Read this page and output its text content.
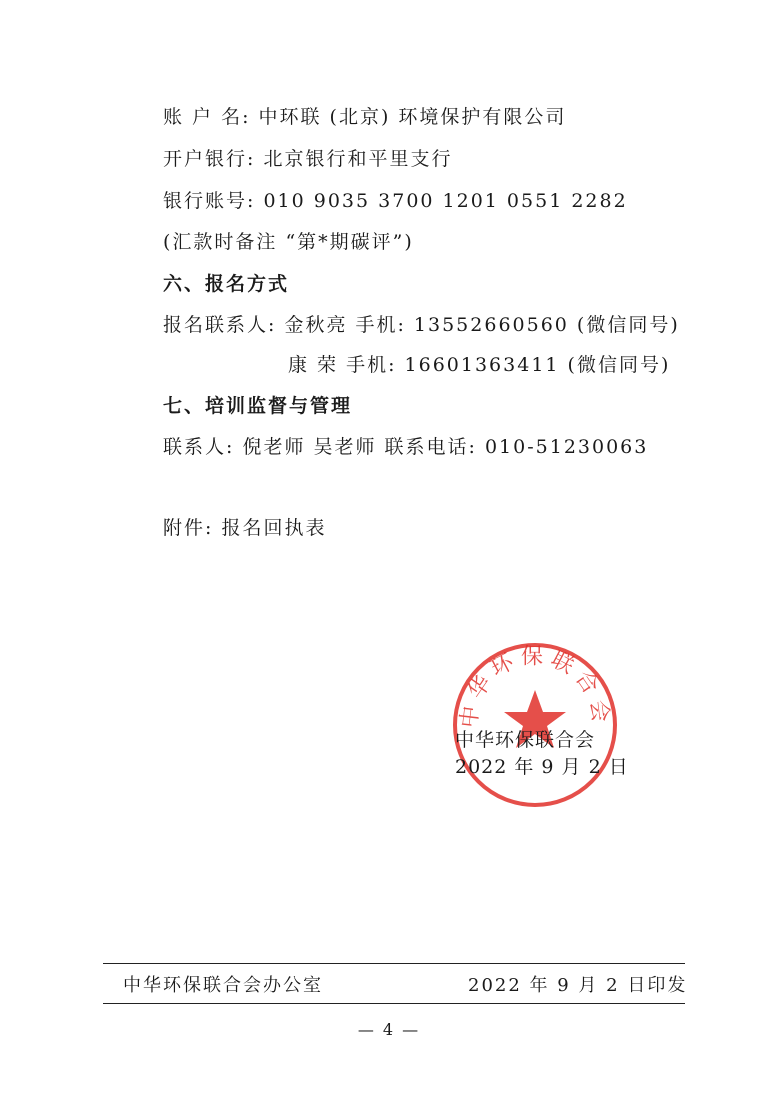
账 户 名: 中环联 (北京) 环境保护有限公司
开户银行: 北京银行和平里支行
银行账号: 010 9035 3700 1201 0551 2282
(汇款时备注 “第*期碳评”)
六、报名方式
报名联系人: 金秋亮 手机: 13552660560 (微信同号)
康 荣 手机: 16601363411 (微信同号)
七、培训监督与管理
联系人: 倪老师 吴老师 联系电话: 010-51230063
附件: 报名回执表
中华环保联合会
中华环保联合会
2022 年 9 月 2 日
中华环保联合会办公室	2022 年 9 月 2 日印发
— 4 —
